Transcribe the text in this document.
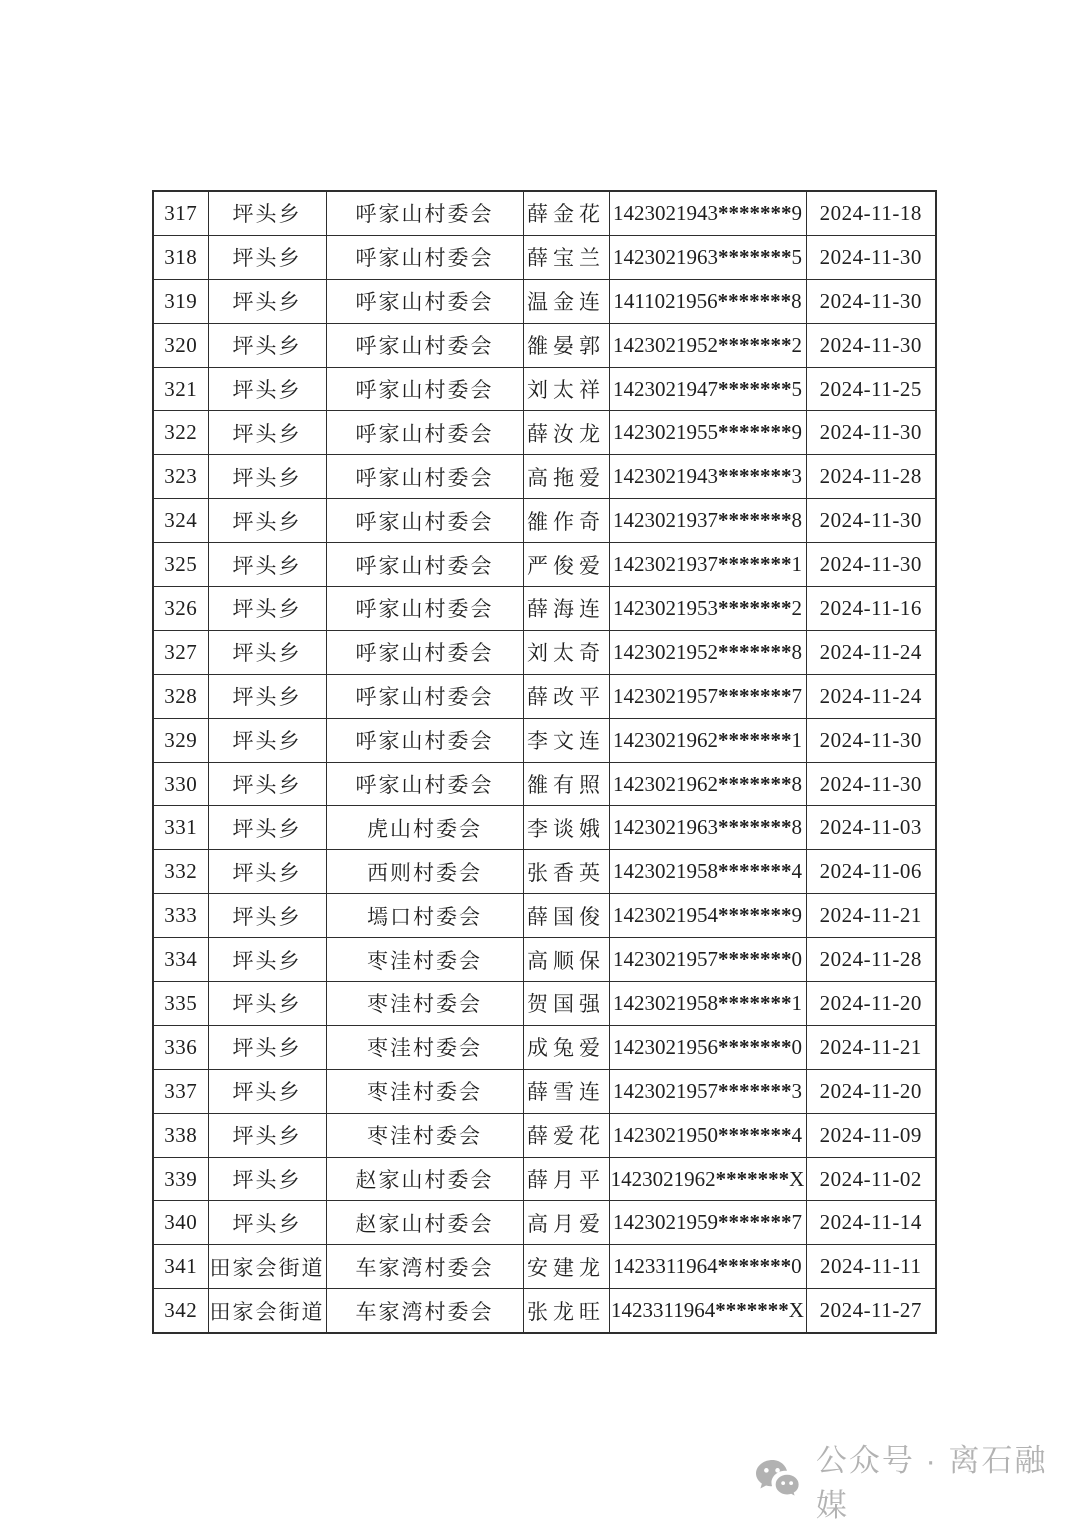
317	坪头乡	呼家山村委会	薛金花	1423021943*******9	2024-11-18
318	坪头乡	呼家山村委会	薛宝兰	1423021963*******5	2024-11-30
319	坪头乡	呼家山村委会	温金连	1411021956*******8	2024-11-30
320	坪头乡	呼家山村委会	雒晏郭	1423021952*******2	2024-11-30
321	坪头乡	呼家山村委会	刘太祥	1423021947*******5	2024-11-25
322	坪头乡	呼家山村委会	薛汝龙	1423021955*******9	2024-11-30
323	坪头乡	呼家山村委会	高拖爱	1423021943*******3	2024-11-28
324	坪头乡	呼家山村委会	雒作奇	1423021937*******8	2024-11-30
325	坪头乡	呼家山村委会	严俊爱	1423021937*******1	2024-11-30
326	坪头乡	呼家山村委会	薛海连	1423021953*******2	2024-11-16
327	坪头乡	呼家山村委会	刘太奇	1423021952*******8	2024-11-24
328	坪头乡	呼家山村委会	薛改平	1423021957*******7	2024-11-24
329	坪头乡	呼家山村委会	李文连	1423021962*******1	2024-11-30
330	坪头乡	呼家山村委会	雒有照	1423021962*******8	2024-11-30
331	坪头乡	虎山村委会	李谈娥	1423021963*******8	2024-11-03
332	坪头乡	西则村委会	张香英	1423021958*******4	2024-11-06
333	坪头乡	墕口村委会	薛国俊	1423021954*******9	2024-11-21
334	坪头乡	枣洼村委会	高顺保	1423021957*******0	2024-11-28
335	坪头乡	枣洼村委会	贺国强	1423021958*******1	2024-11-20
336	坪头乡	枣洼村委会	成兔爱	1423021956*******0	2024-11-21
337	坪头乡	枣洼村委会	薛雪连	1423021957*******3	2024-11-20
338	坪头乡	枣洼村委会	薛爱花	1423021950*******4	2024-11-09
339	坪头乡	赵家山村委会	薛月平	1423021962*******X	2024-11-02
340	坪头乡	赵家山村委会	高月爱	1423021959*******7	2024-11-14
341	田家会街道	车家湾村委会	安建龙	1423311964*******0	2024-11-11
342	田家会街道	车家湾村委会	张龙旺	1423311964*******X	2024-11-27
公众号 · 离石融媒
